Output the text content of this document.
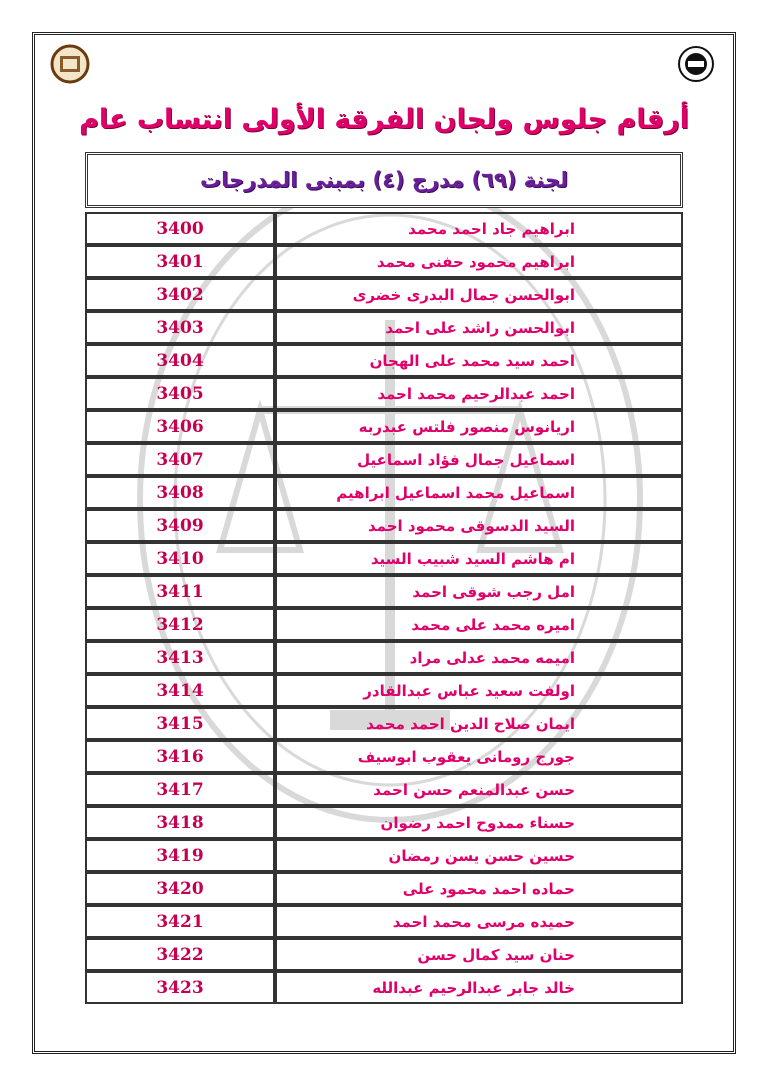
أرقام جلوس ولجان الفرقة الأولى انتساب عام
لجنة (٦٩) مدرج (٤) بمبنى المدرجات
3400	ابراهيم جاد احمد محمد
3401	ابراهيم محمود حفنى محمد
3402	ابوالحسن جمال البدرى خضرى
3403	ابوالحسن راشد على احمد
3404	احمد سيد محمد على الهجان
3405	احمد عبدالرحيم محمد احمد
3406	اريانوس منصور فلتس عبدربه
3407	اسماعيل جمال فؤاد اسماعيل
3408	اسماعيل محمد اسماعيل ابراهيم
3409	السيد الدسوقى محمود احمد
3410	ام هاشم السيد شبيب السيد
3411	امل رجب شوقى احمد
3412	اميره محمد على محمد
3413	اميمه محمد عدلى مراد
3414	اولفت سعيد عباس عبدالقادر
3415	ايمان صلاح الدين احمد محمد
3416	جورج رومانى يعقوب ابوسيف
3417	حسن عبدالمنعم حسن احمد
3418	حسناء ممدوح احمد رضوان
3419	حسين حسن يسن رمضان
3420	حماده احمد محمود على
3421	حميده مرسى محمد احمد
3422	حنان سيد كمال حسن
3423	خالد جابر عبدالرحيم عبدالله
